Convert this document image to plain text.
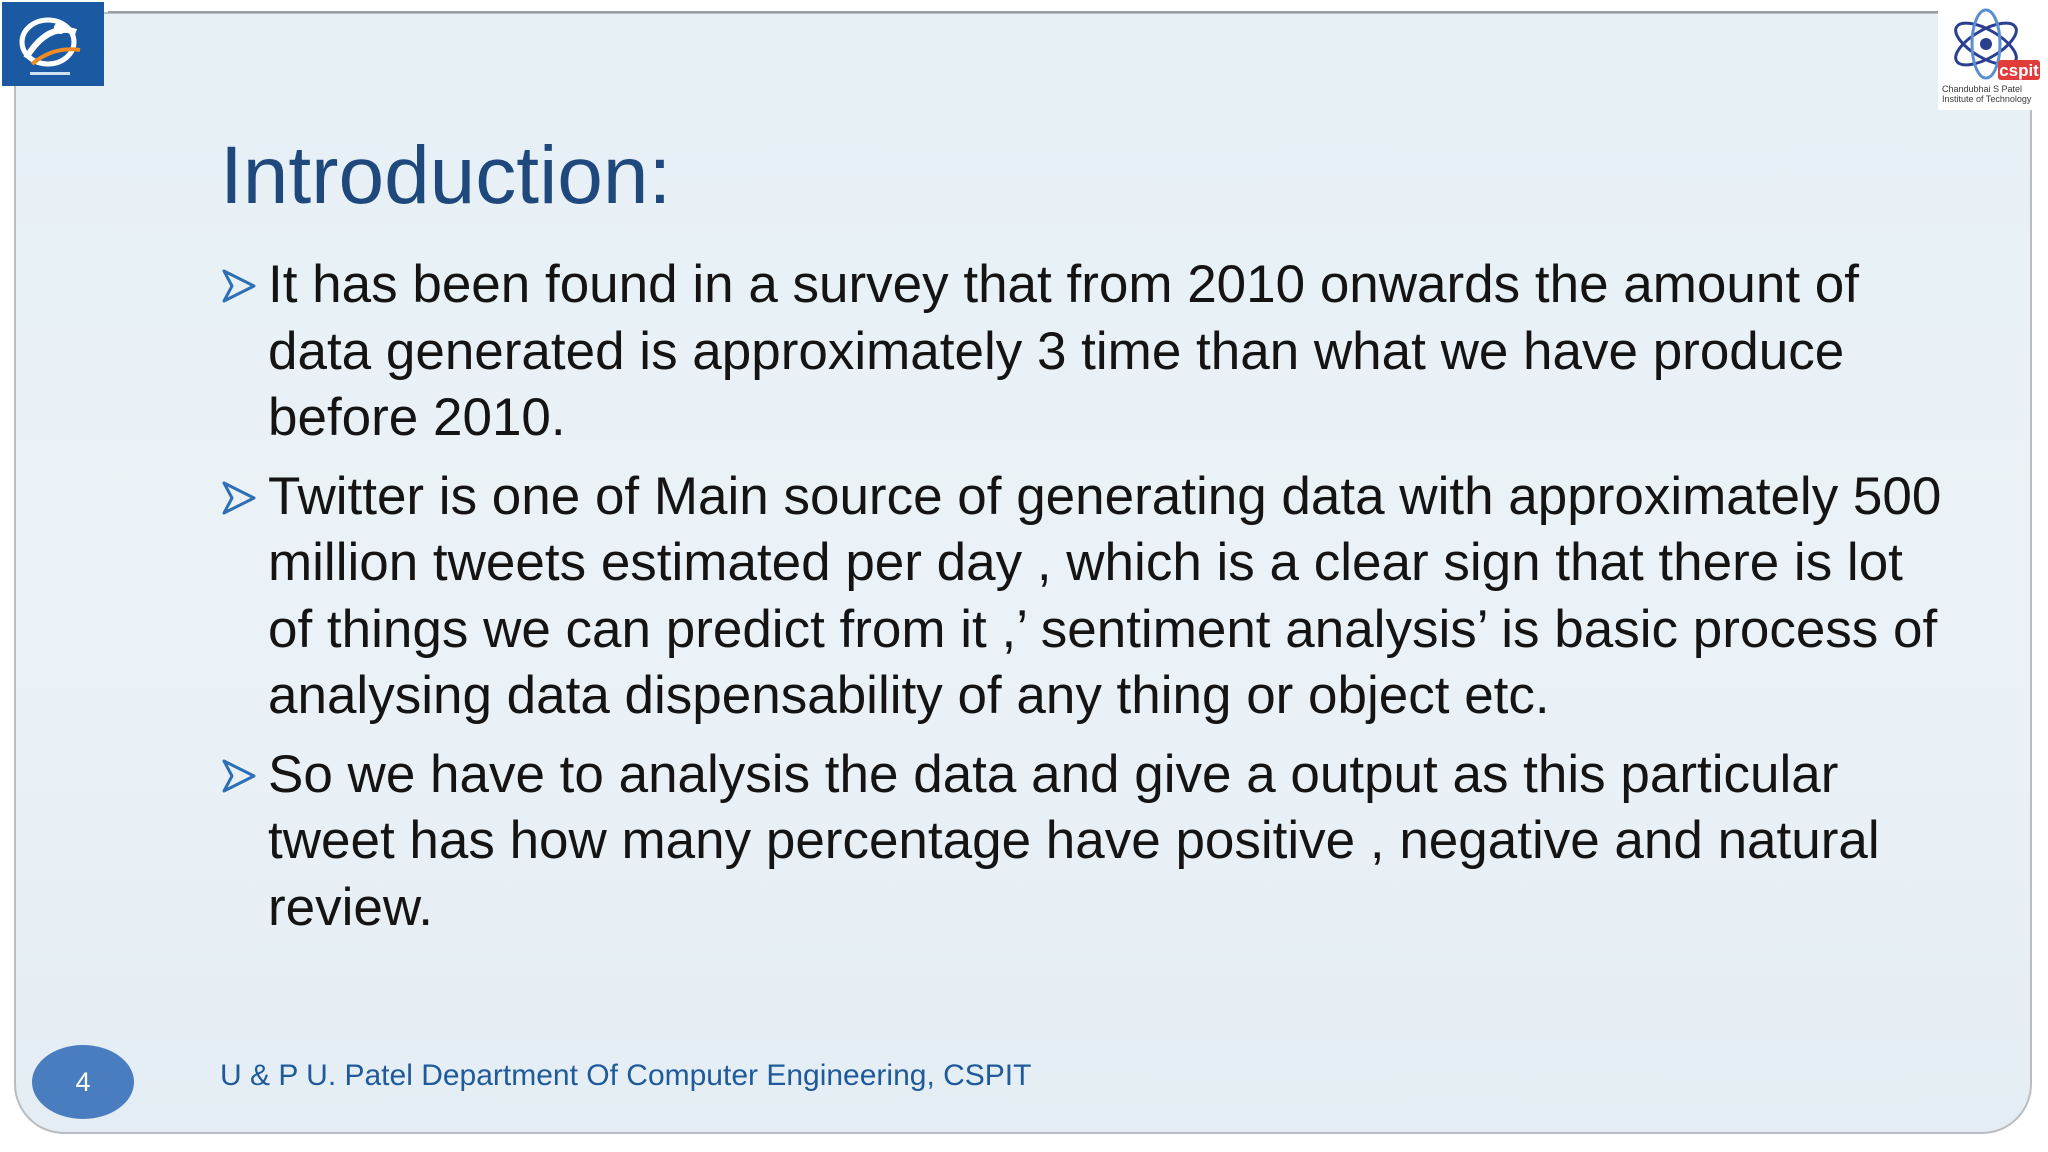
cspit
Chandubhai S Patel Institute of Technology
Introduction:
It has been found in a survey that from 2010 onwards the amount of data generated is approximately 3 time than what we have produce before 2010.
Twitter is one of Main source of generating data with approximately 500 million tweets estimated per day , which is a clear sign that there is lot of things we can predict from it ,’ sentiment analysis’ is basic process of analysing data dispensability of any thing or object etc.
So we have to analysis the data and give a output as this particular tweet has how many percentage have positive , negative and natural review.
4	U & P U. Patel Department Of Computer Engineering, CSPIT
